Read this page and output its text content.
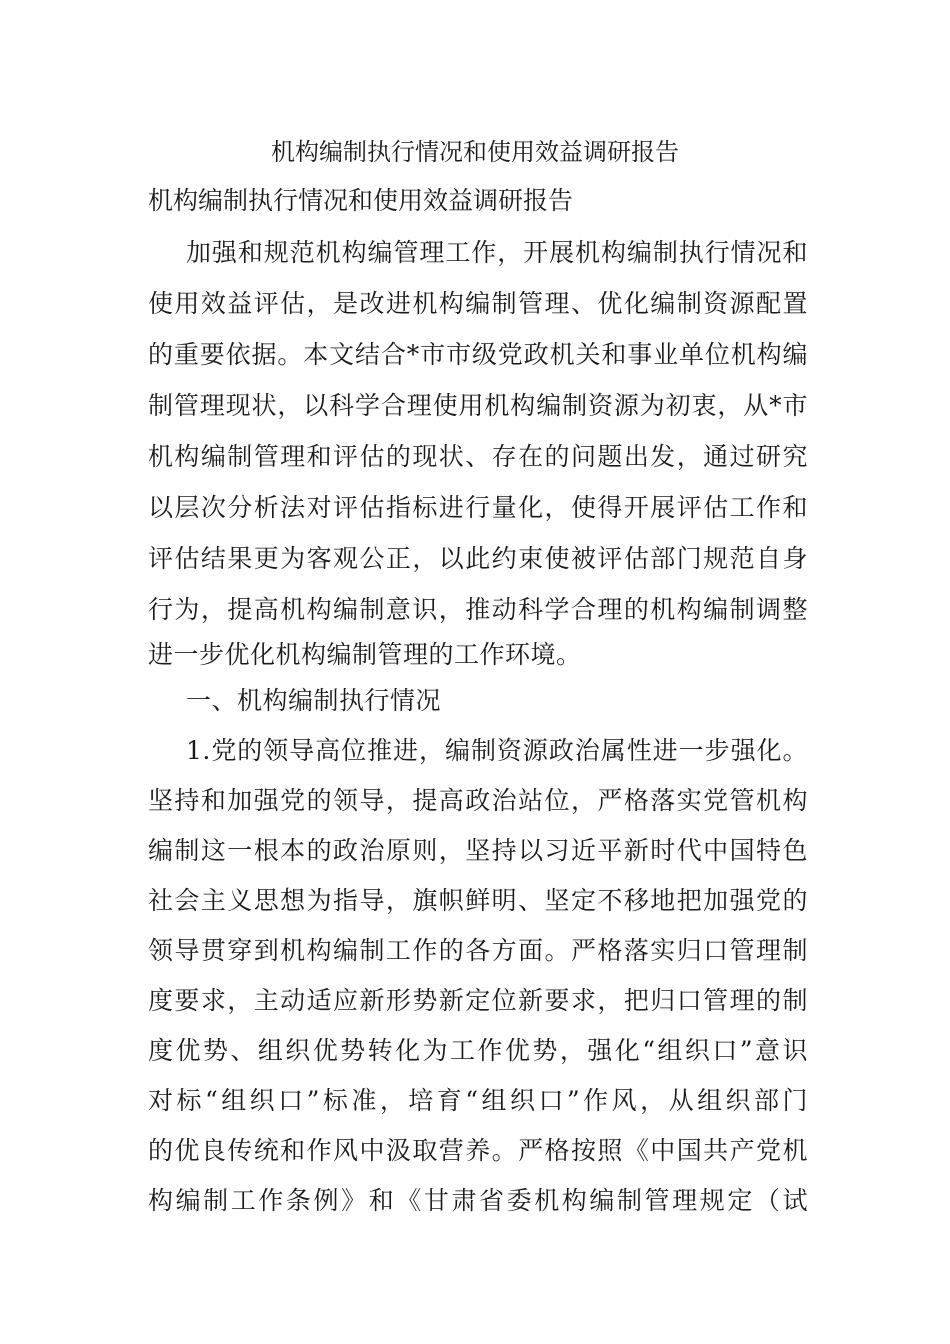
机构编制执行情况和使用效益调研报告
机构编制执行情况和使用效益调研报告
加强和规范机构编管理工作，开展机构编制执行情况和
使用效益评估，是改进机构编制管理、优化编制资源配置
的重要依据。本文结合*市市级党政机关和事业单位机构编
制管理现状，以科学合理使用机构编制资源为初衷，从*市
机构编制管理和评估的现状、存在的问题出发，通过研究
以层次分析法对评估指标进行量化，使得开展评估工作和
评估结果更为客观公正，以此约束使被评估部门规范自身
行为，提高机构编制意识，推动科学合理的机构编制调整
进一步优化机构编制管理的工作环境。
一、机构编制执行情况
1.党的领导高位推进，编制资源政治属性进一步强化。
坚持和加强党的领导，提高政治站位，严格落实党管机构
编制这一根本的政治原则，坚持以习近平新时代中国特色
社会主义思想为指导，旗帜鲜明、坚定不移地把加强党的
领导贯穿到机构编制工作的各方面。严格落实归口管理制
度要求，主动适应新形势新定位新要求，把归口管理的制
度优势、组织优势转化为工作优势，强化“组织口”意识
对标“组织口”标准，培育“组织口”作风，从组织部门
的优良传统和作风中汲取营养。严格按照《中国共产党机
构编制工作条例》和《甘肃省委机构编制管理规定（试
